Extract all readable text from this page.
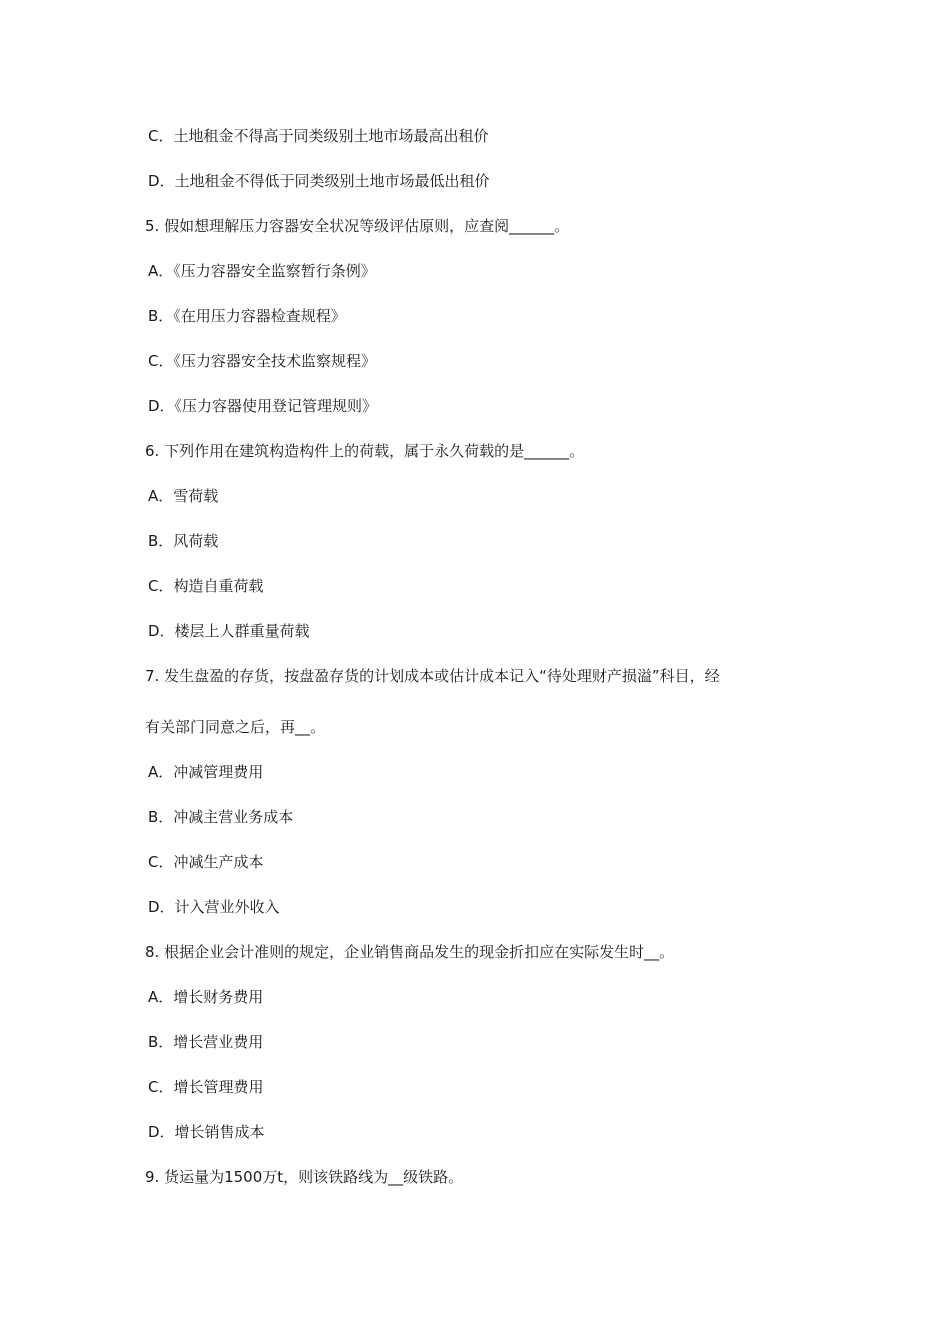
C．土地租金不得高于同类级别土地市场最高出租价
D．土地租金不得低于同类级别土地市场最低出租价
5. 假如想理解压力容器安全状况等级评估原则，应查阅______。
A．《压力容器安全监察暂行条例》
B．《在用压力容器检查规程》
C．《压力容器安全技术监察规程》
D．《压力容器使用登记管理规则》
6. 下列作用在建筑构造构件上的荷载，属于永久荷载的是______。
A．雪荷载
B．风荷载
C．构造自重荷载
D．楼层上人群重量荷载
7. 发生盘盈的存货，按盘盈存货的计划成本或估计成本记入“待处理财产损溢”科目，经
有关部门同意之后，再__。
A．冲减管理费用
B．冲减主营业务成本
C．冲减生产成本
D．计入营业外收入
8. 根据企业会计准则的规定，企业销售商品发生的现金折扣应在实际发生时__。
A．增长财务费用
B．增长营业费用
C．增长管理费用
D．增长销售成本
9. 货运量为1500万t，则该铁路线为__级铁路。
